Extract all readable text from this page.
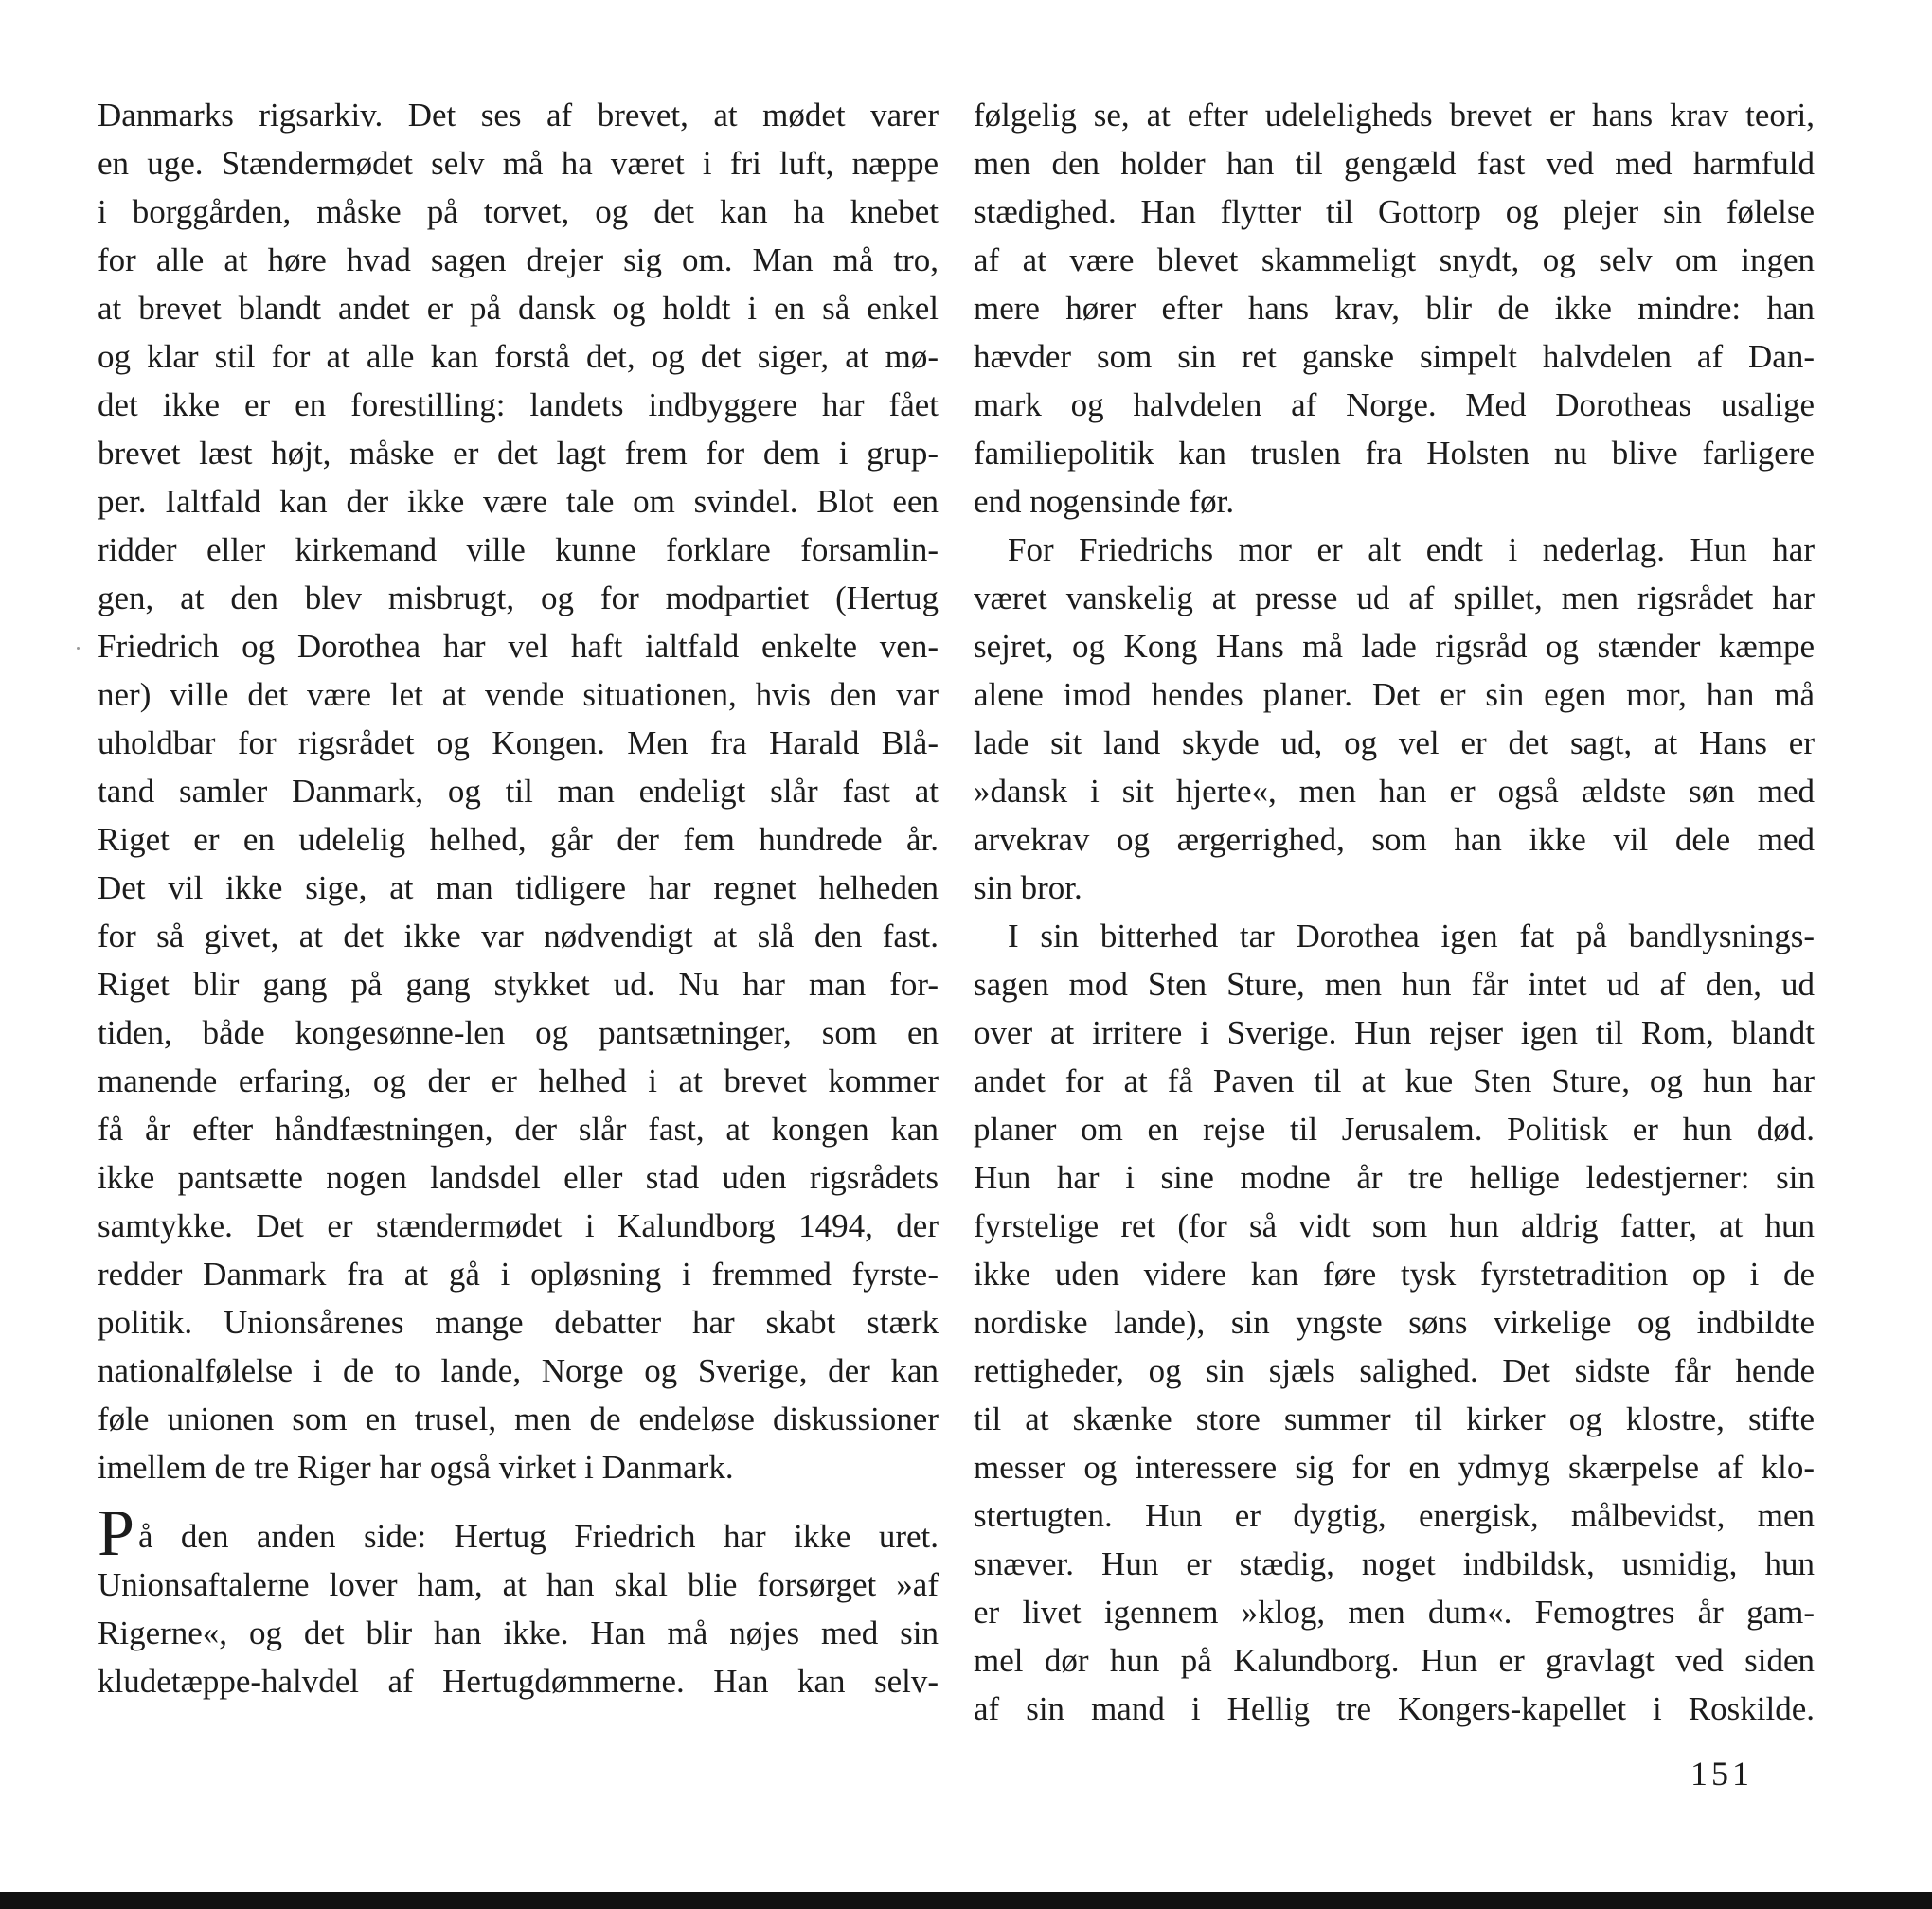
Danmarks rigsarkiv. Det ses af brevet, at mødet varer
en uge. Stændermødet selv må ha været i fri luft, næppe
i borggården, måske på torvet, og det kan ha knebet
for alle at høre hvad sagen drejer sig om. Man må tro,
at brevet blandt andet er på dansk og holdt i en så enkel
og klar stil for at alle kan forstå det, og det siger, at mø-
det ikke er en forestilling: landets indbyggere har fået
brevet læst højt, måske er det lagt frem for dem i grup-
per. Ialtfald kan der ikke være tale om svindel. Blot een
ridder eller kirkemand ville kunne forklare forsamlin-
gen, at den blev misbrugt, og for modpartiet (Hertug
Friedrich og Dorothea har vel haft ialtfald enkelte ven-
ner) ville det være let at vende situationen, hvis den var
uholdbar for rigsrådet og Kongen. Men fra Harald Blå-
tand samler Danmark, og til man endeligt slår fast at
Riget er en udelelig helhed, går der fem hundrede år.
Det vil ikke sige, at man tidligere har regnet helheden
for så givet, at det ikke var nødvendigt at slå den fast.
Riget blir gang på gang stykket ud. Nu har man for-
tiden, både kongesønne-len og pantsætninger, som en
manende erfaring, og der er helhed i at brevet kommer
få år efter håndfæstningen, der slår fast, at kongen kan
ikke pantsætte nogen landsdel eller stad uden rigsrådets
samtykke. Det er stændermødet i Kalundborg 1494, der
redder Danmark fra at gå i opløsning i fremmed fyrste-
politik. Unionsårenes mange debatter har skabt stærk
nationalfølelse i de to lande, Norge og Sverige, der kan
føle unionen som en trusel, men de endeløse diskussioner
imellem de tre Riger har også virket i Danmark.
På den anden side: Hertug Friedrich har ikke uret.
Unionsaftalerne lover ham, at han skal blie forsørget »af
Rigerne«, og det blir han ikke. Han må nøjes med sin
kludetæppe-halvdel af Hertugdømmerne. Han kan selv-
følgelig se, at efter udeleligheds brevet er hans krav teori,
men den holder han til gengæld fast ved med harmfuld
stædighed. Han flytter til Gottorp og plejer sin følelse
af at være blevet skammeligt snydt, og selv om ingen
mere hører efter hans krav, blir de ikke mindre: han
hævder som sin ret ganske simpelt halvdelen af Dan-
mark og halvdelen af Norge. Med Dorotheas usalige
familiepolitik kan truslen fra Holsten nu blive farligere
end nogensinde før.
For Friedrichs mor er alt endt i nederlag. Hun har
været vanskelig at presse ud af spillet, men rigsrådet har
sejret, og Kong Hans må lade rigsråd og stænder kæmpe
alene imod hendes planer. Det er sin egen mor, han må
lade sit land skyde ud, og vel er det sagt, at Hans er
»dansk i sit hjerte«, men han er også ældste søn med
arvekrav og ærgerrighed, som han ikke vil dele med
sin bror.
I sin bitterhed tar Dorothea igen fat på bandlysnings-
sagen mod Sten Sture, men hun får intet ud af den, ud
over at irritere i Sverige. Hun rejser igen til Rom, blandt
andet for at få Paven til at kue Sten Sture, og hun har
planer om en rejse til Jerusalem. Politisk er hun død.
Hun har i sine modne år tre hellige ledestjerner: sin
fyrstelige ret (for så vidt som hun aldrig fatter, at hun
ikke uden videre kan føre tysk fyrstetradition op i de
nordiske lande), sin yngste søns virkelige og indbildte
rettigheder, og sin sjæls salighed. Det sidste får hende
til at skænke store summer til kirker og klostre, stifte
messer og interessere sig for en ydmyg skærpelse af klo-
stertugten. Hun er dygtig, energisk, målbevidst, men
snæver. Hun er stædig, noget indbildsk, usmidig, hun
er livet igennem »klog, men dum«. Femogtres år gam-
mel dør hun på Kalundborg. Hun er gravlagt ved siden
af sin mand i Hellig tre Kongers-kapellet i Roskilde.
151
